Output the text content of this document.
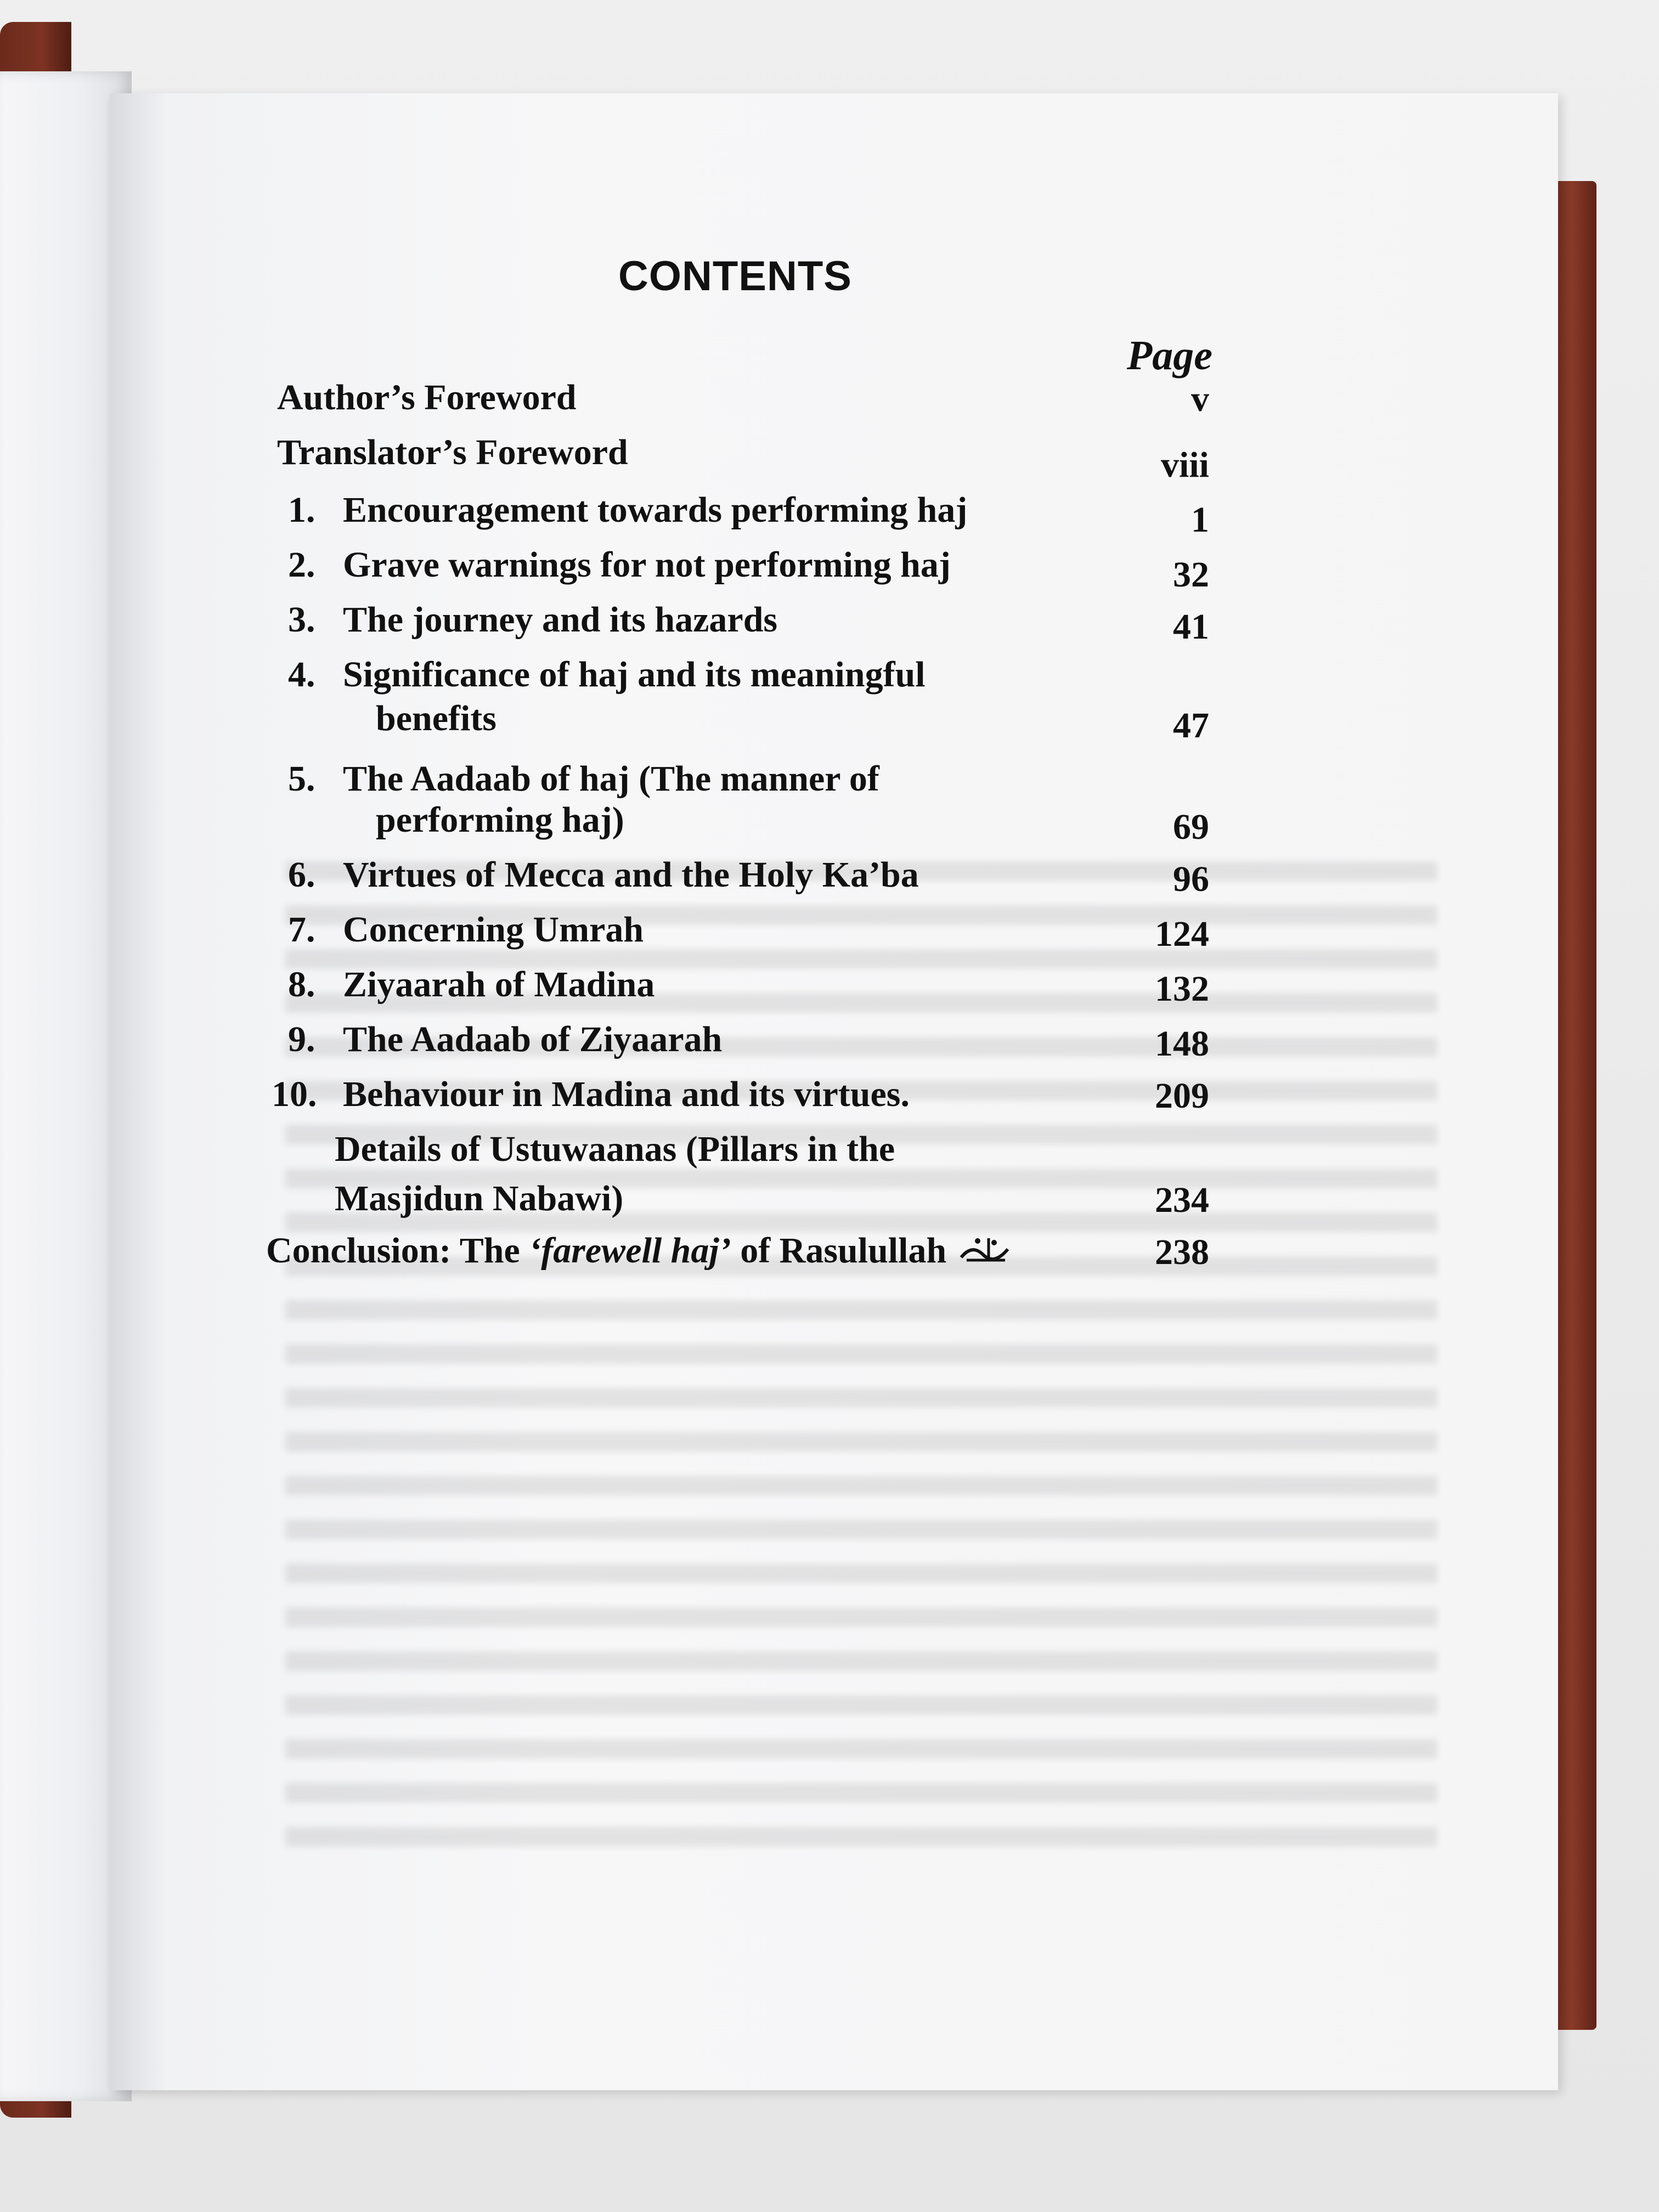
CONTENTS
Page
Author’s Foreword	v
Translator’s Foreword	viii
1. Encouragement towards performing haj	1
2. Grave warnings for not performing haj	32
3. The journey and its hazards	41
4. Significance of haj and its meaningful
benefits	47
5. The Aadaab of haj (The manner of
performing haj)	69
6. Virtues of Mecca and the Holy Ka’ba	96
7. Concerning Umrah	124
8. Ziyaarah of Madina	132
9. The Aadaab of Ziyaarah	148
10. Behaviour in Madina and its virtues.	209
Details of Ustuwaanas (Pillars in the
Masjidun Nabawi)	234
Conclusion: The ‘farewell haj’ of Rasulullah	238
